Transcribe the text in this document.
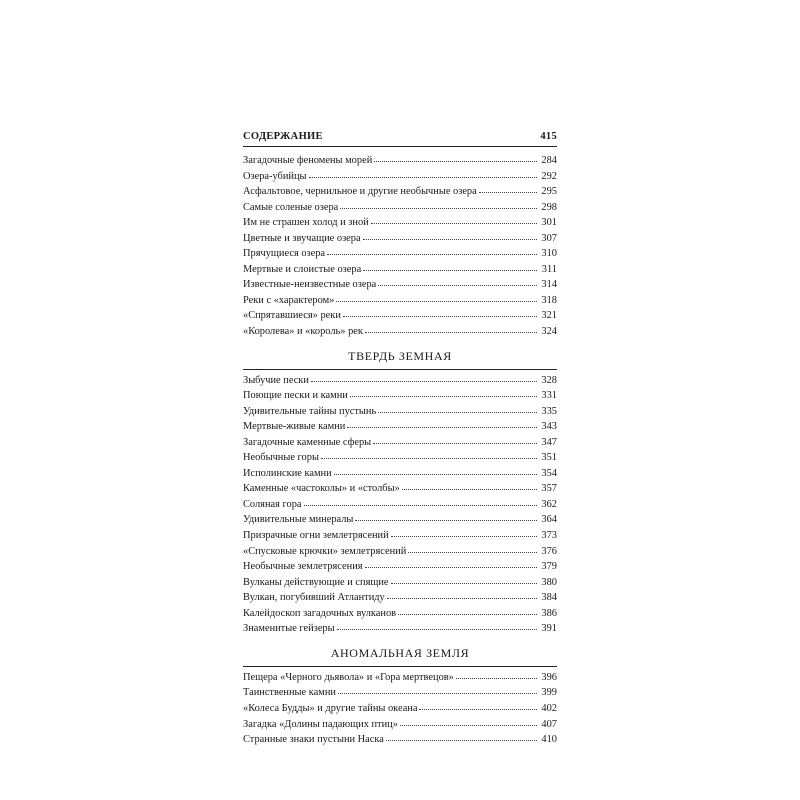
СОДЕРЖАНИЕ	415
Загадочные феномены морей	284
Озера-убийцы	292
Асфальтовое, чернильное и другие необычные озера	295
Самые соленые озера	298
Им не страшен холод и зной	301
Цветные и звучащие озера	307
Прячущиеся озера	310
Мертвые и слоистые озера	311
Известные-неизвестные озера	314
Реки с «характером»	318
«Спрятавшиеся» реки	321
«Королева» и «король» рек	324
ТВЕРДЬ ЗЕМНАЯ
Зыбучие пески	328
Поющие пески и камни	331
Удивительные тайны пустынь	335
Мертвые-живые камни	343
Загадочные каменные сферы	347
Необычные горы	351
Исполинские камни	354
Каменные «частоколы» и «столбы»	357
Соляная гора	362
Удивительные минералы	364
Призрачные огни землетрясений	373
«Спусковые крючки» землетрясений	376
Необычные землетрясения	379
Вулканы действующие и спящие	380
Вулкан, погубивший Атлантиду	384
Калейдоскоп загадочных вулканов	386
Знаменитые гейзеры	391
АНОМАЛЬНАЯ ЗЕМЛЯ
Пещера «Черного дьявола» и «Гора мертвецов»	396
Таинственные камни	399
«Колеса Будды» и другие тайны океана	402
Загадка «Долины падающих птиц»	407
Странные знаки пустыни Наска	410
